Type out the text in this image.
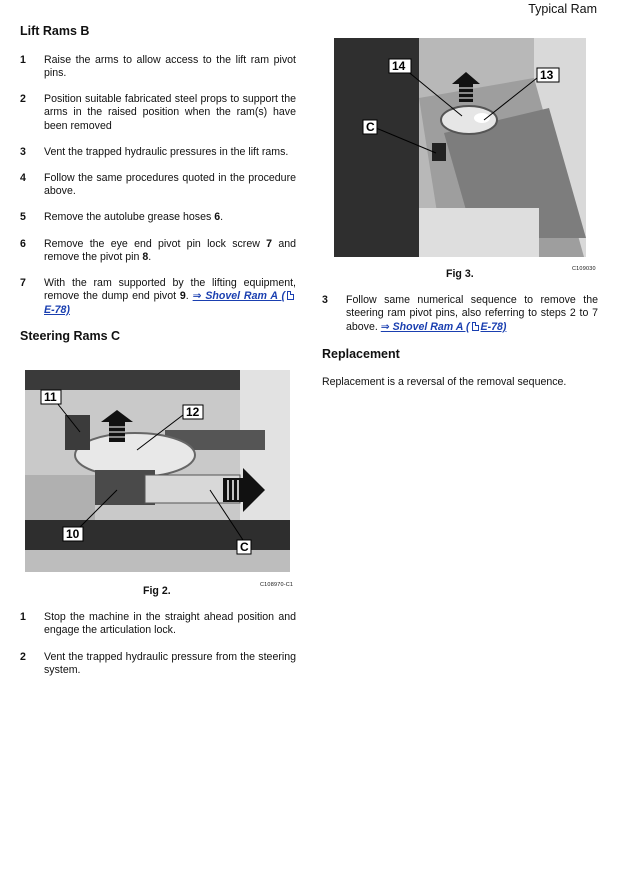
Typical Ram
Lift Rams B
1 Raise the arms to allow access to the lift ram pivot pins.
2 Position suitable fabricated steel props to support the arms in the raised position when the ram(s) have been removed
3 Vent the trapped hydraulic pressures in the lift rams.
4 Follow the same procedures quoted in the procedure above.
5 Remove the autolube grease hoses 6.
6 Remove the eye end pivot pin lock screw 7 and remove the pivot pin 8.
7 With the ram supported by the lifting equipment, remove the dump end pivot 9. ⇒ Shovel Ram A (E-78)
Steering Rams C
11
12
10
C
C108970-C1
Fig 2.
1 Stop the machine in the straight ahead position and engage the articulation lock.
2 Vent the trapped hydraulic pressure from the steering system.
14
13
C
Fig 3.	C109030
3 Follow same numerical sequence to remove the steering ram pivot pins, also referring to steps 2 to 7 above. ⇒ Shovel Ram A ( E-78)
Replacement
Replacement is a reversal of the removal sequence.
